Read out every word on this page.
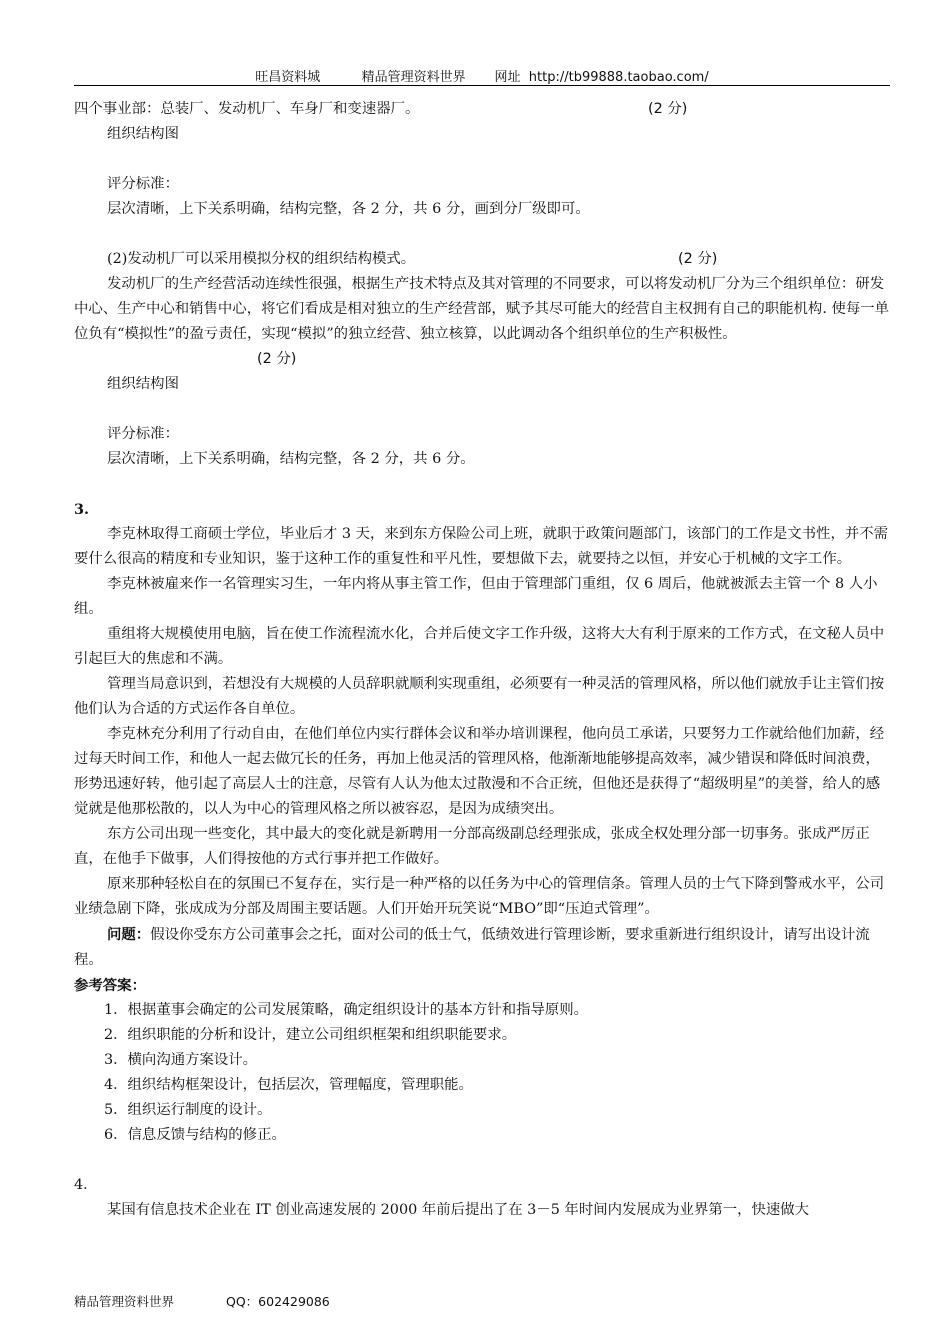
旺昌资料城          精品管理资料世界       网址  http://tb99888.taobao.com/
四个事业部：总装厂、发动机厂、车身厂和变速器厂。	(2 分)

组织结构图

评分标准：

层次清晰，上下关系明确，结构完整，各 2 分，共 6 分，画到分厂级即可。

(2)发动机厂可以采用模拟分权的组织结构模式。	(2 分)

发动机厂的生产经营活动连续性很强，根据生产技术特点及其对管理的不同要求，可以将发动机厂分为三个组织单位：研发中心、生产中心和销售中心，将它们看成是相对独立的生产经营部，赋予其尽可能大的经营自主权拥有自己的职能机构. 使每一单位负有“模拟性”的盈亏责任，实现“模拟”的独立经营、独立核算，以此调动各个组织单位的生产积极性。(2 分)

组织结构图

评分标准：

层次清晰，上下关系明确，结构完整，各 2 分，共 6 分。

3.

李克林取得工商硕士学位，毕业后才 3 天，来到东方保险公司上班，就职于政策问题部门，该部门的工作是文书性，并不需要什么很高的精度和专业知识，鉴于这种工作的重复性和平凡性，要想做下去，就要持之以恒，并安心于机械的文字工作。

李克林被雇来作一名管理实习生，一年内将从事主管工作，但由于管理部门重组，仅 6 周后，他就被派去主管一个 8 人小组。

重组将大规模使用电脑，旨在使工作流程流水化，合并后使文字工作升级，这将大大有利于原来的工作方式，在文秘人员中引起巨大的焦虑和不满。

管理当局意识到，若想没有大规模的人员辞职就顺利实现重组，必须要有一种灵活的管理风格，所以他们就放手让主管们按他们认为合适的方式运作各自单位。

李克林充分利用了行动自由，在他们单位内实行群体会议和举办培训课程，他向员工承诺，只要努力工作就给他们加薪，经过每天时间工作，和他人一起去做冗长的任务，再加上他灵活的管理风格，他渐渐地能够提高效率，减少错误和降低时间浪费，形势迅速好转，他引起了高层人士的注意，尽管有人认为他太过散漫和不合正统，但他还是获得了“超级明星”的美誉，给人的感觉就是他那松散的，以人为中心的管理风格之所以被容忍，是因为成绩突出。

东方公司出现一些变化，其中最大的变化就是新聘用一分部高级副总经理张成，张成全权处理分部一切事务。张成严厉正直，在他手下做事，人们得按他的方式行事并把工作做好。

原来那种轻松自在的氛围已不复存在，实行是一种严格的以任务为中心的管理信条。管理人员的士气下降到警戒水平，公司业绩急剧下降，张成成为分部及周围主要话题。人们开始开玩笑说“MBO”即“压迫式管理”。

问题：假设你受东方公司董事会之托，面对公司的低士气，低绩效进行管理诊断，要求重新进行组织设计，请写出设计流程。

参考答案：

1．根据董事会确定的公司发展策略，确定组织设计的基本方针和指导原则。

2．组织职能的分析和设计，建立公司组织框架和组织职能要求。

3．横向沟通方案设计。

4．组织结构框架设计，包括层次，管理幅度，管理职能。

5．组织运行制度的设计。

6．信息反馈与结构的修正。

4．

某国有信息技术企业在 IT 创业高速发展的 2000 年前后提出了在 3－5 年时间内发展成为业界第一，快速做大

精品管理资料世界	QQ：602429086
